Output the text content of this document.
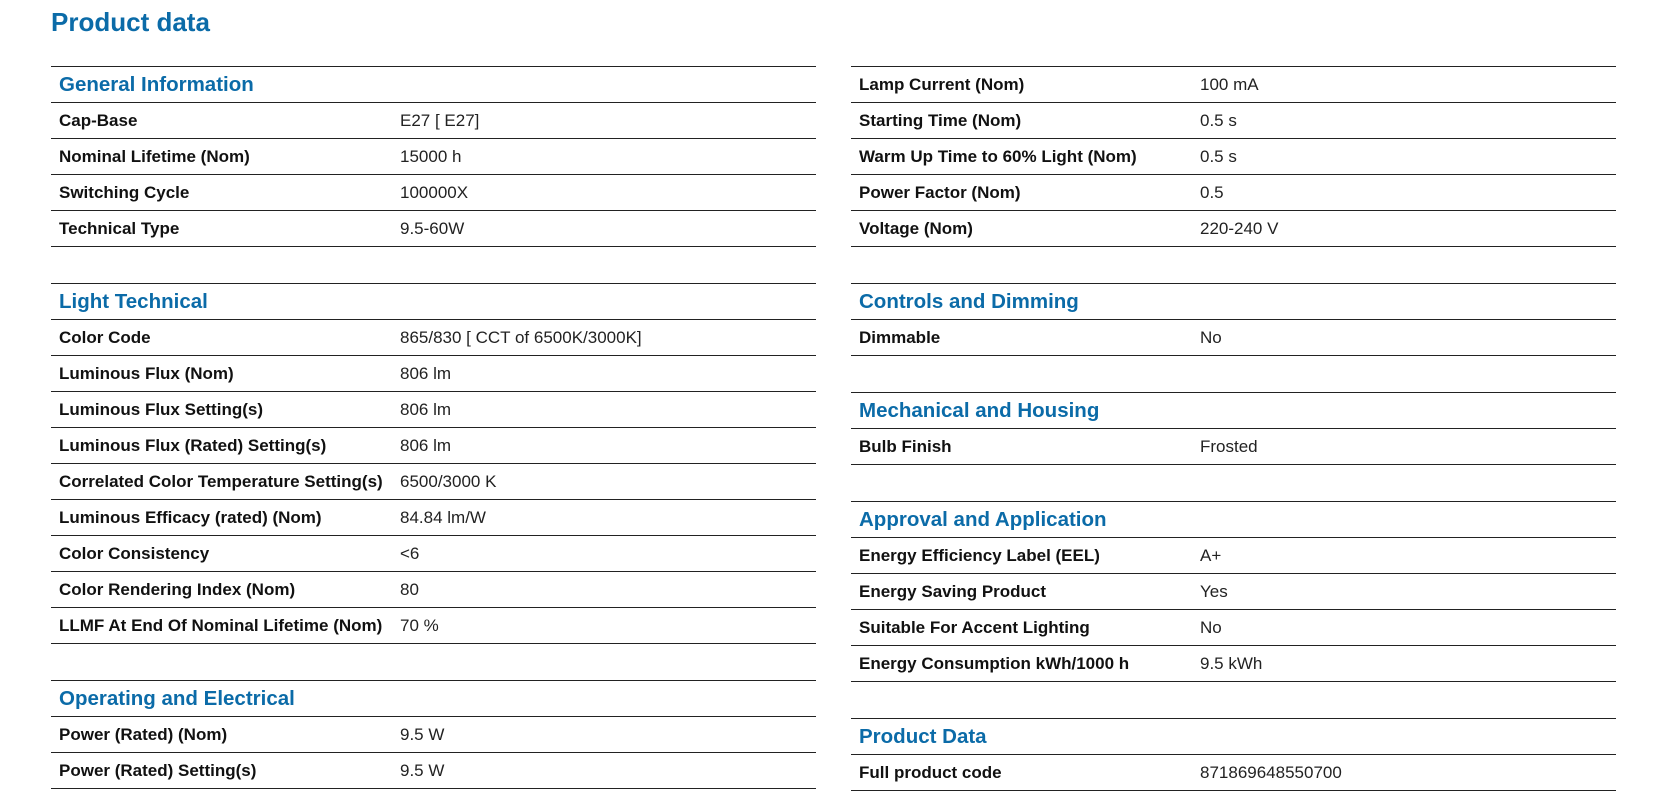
Product data
General Information
Cap-Base	E27 [ E27]
Nominal Lifetime (Nom)	15000 h
Switching Cycle	100000X
Technical Type	9.5-60W
Light Technical
Color Code	865/830 [ CCT of 6500K/3000K]
Luminous Flux (Nom)	806 lm
Luminous Flux Setting(s)	806 lm
Luminous Flux (Rated) Setting(s)	806 lm
Correlated Color Temperature Setting(s)	6500/3000 K
Luminous Efficacy (rated) (Nom)	84.84 lm/W
Color Consistency	<6
Color Rendering Index (Nom)	80
LLMF At End Of Nominal Lifetime (Nom)	70 %
Operating and Electrical
Power (Rated) (Nom)	9.5 W
Power (Rated) Setting(s)	9.5 W
Lamp Current (Nom)	100 mA
Starting Time (Nom)	0.5 s
Warm Up Time to 60% Light (Nom)	0.5 s
Power Factor (Nom)	0.5
Voltage (Nom)	220-240 V
Controls and Dimming
Dimmable	No
Mechanical and Housing
Bulb Finish	Frosted
Approval and Application
Energy Efficiency Label (EEL)	A+
Energy Saving Product	Yes
Suitable For Accent Lighting	No
Energy Consumption kWh/1000 h	9.5 kWh
Product Data
Full product code	871869648550700
